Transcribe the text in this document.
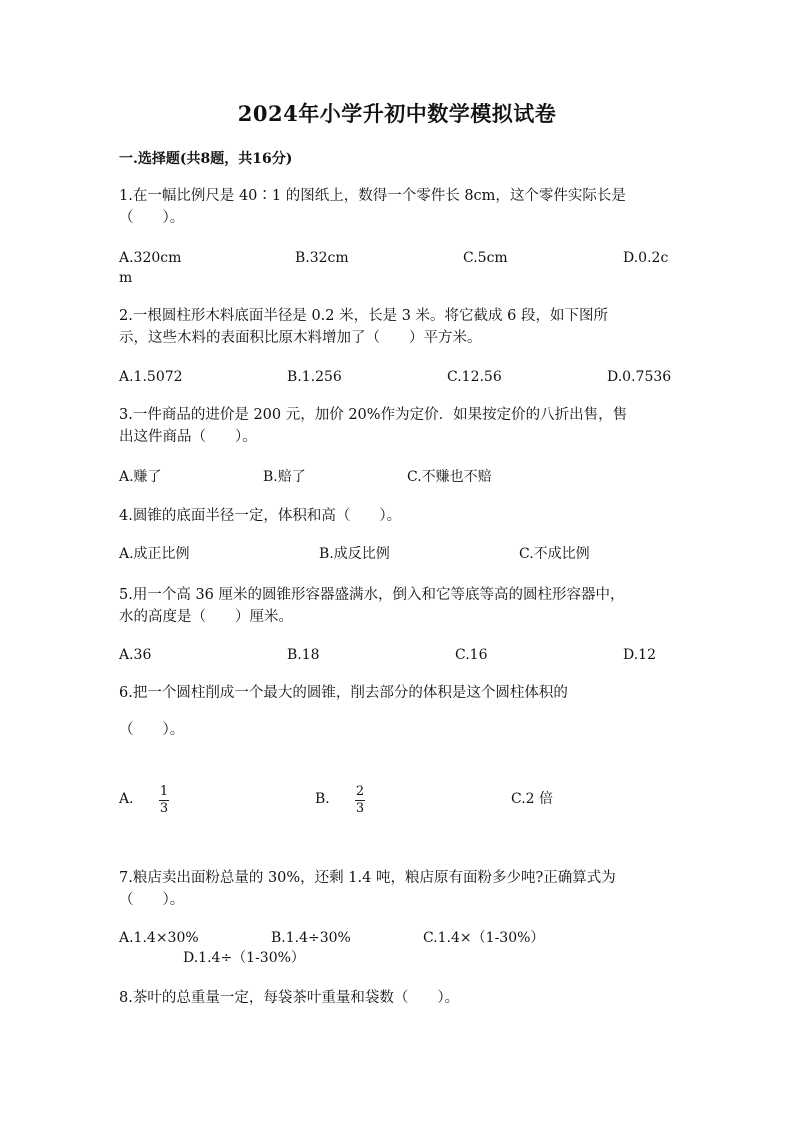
2024年小学升初中数学模拟试卷
一.选择题(共8题，共16分)
1.在一幅比例尺是 40∶1 的图纸上，数得一个零件长 8cm，这个零件实际长是
（　　）。
A.320cm	B.32cm	C.5cm	D.0.2c
m
2.一根圆柱形木料底面半径是 0.2 米，长是 3 米。将它截成 6 段，如下图所
示，这些木料的表面积比原木料增加了（　　）平方米。
A.1.5072	B.1.256	C.12.56	D.0.7536
3.一件商品的进价是 200 元，加价 20%作为定价．如果按定价的八折出售，售
出这件商品（　　）。
A.赚了	B.赔了	C.不赚也不赔
4.圆锥的底面半径一定，体积和高（　　）。
A.成正比例	B.成反比例	C.不成比例
5.用一个高 36 厘米的圆锥形容器盛满水，倒入和它等底等高的圆柱形容器中，
水的高度是（　　）厘米。
A.36	B.18	C.16	D.12
6.把一个圆柱削成一个最大的圆锥，削去部分的体积是这个圆柱体积的
（　　）。
A. 1
3
B. 2
3
C.2 倍
7.粮店卖出面粉总量的 30%，还剩 1.4 吨，粮店原有面粉多少吨?正确算式为
（　　）。
A.1.4×30%	B.1.4÷30%	C.1.4×（1-30%）
D.1.4÷（1-30%）
8.茶叶的总重量一定，每袋茶叶重量和袋数（　　）。
